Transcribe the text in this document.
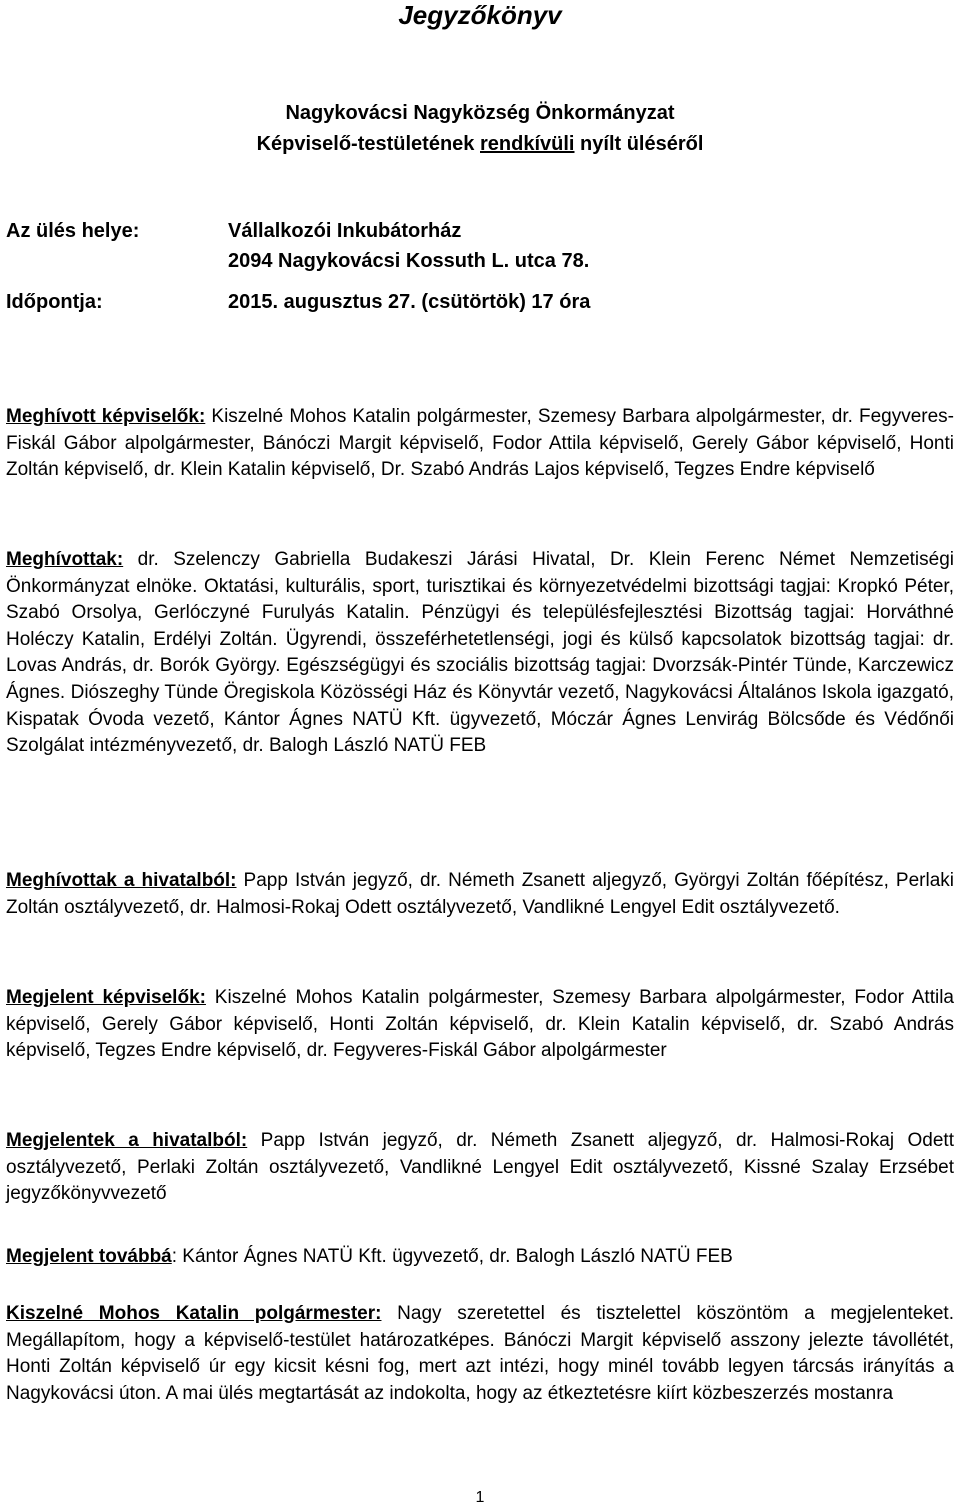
Jegyzőkönyv
Nagykovácsi Nagyközség Önkormányzat
Képviselő-testületének rendkívüli nyílt üléséről
Az ülés helye:	Vállalkozói Inkubátorház
2094 Nagykovácsi Kossuth L. utca 78.
Időpontja:	2015. augusztus 27. (csütörtök) 17 óra
Meghívott képviselők: Kiszelné Mohos Katalin polgármester, Szemesy Barbara alpolgármester, dr. Fegyveres-Fiskál Gábor alpolgármester, Bánóczi Margit képviselő, Fodor Attila képviselő, Gerely Gábor képviselő, Honti Zoltán képviselő, dr. Klein Katalin képviselő, Dr. Szabó András Lajos képviselő, Tegzes Endre képviselő
Meghívottak: dr. Szelenczy Gabriella Budakeszi Járási Hivatal, Dr. Klein Ferenc Német Nemzetiségi Önkormányzat elnöke. Oktatási, kulturális, sport, turisztikai és környezetvédelmi bizottsági tagjai: Kropkó Péter, Szabó Orsolya, Gerlóczyné Furulyás Katalin. Pénzügyi és településfejlesztési Bizottság tagjai: Horváthné Holéczy Katalin, Erdélyi Zoltán. Ügyrendi, összeférhetetlenségi, jogi és külső kapcsolatok bizottság tagjai: dr. Lovas András, dr. Borók György. Egészségügyi és szociális bizottság tagjai: Dvorzsák-Pintér Tünde, Karczewicz Ágnes. Diószeghy Tünde Öregiskola Közösségi Ház és Könyvtár vezető, Nagykovácsi Általános Iskola igazgató, Kispatak Óvoda vezető, Kántor Ágnes NATÜ Kft. ügyvezető, Móczár Ágnes Lenvirág Bölcsőde és Védőnői Szolgálat intézményvezető, dr. Balogh László NATÜ FEB
Meghívottak a hivatalból: Papp István jegyző, dr. Németh Zsanett aljegyző, Györgyi Zoltán főépítész, Perlaki Zoltán osztályvezető, dr. Halmosi-Rokaj Odett osztályvezető, Vandlikné Lengyel Edit osztályvezető.
Megjelent képviselők: Kiszelné Mohos Katalin polgármester, Szemesy Barbara alpolgármester, Fodor Attila képviselő, Gerely Gábor képviselő, Honti Zoltán képviselő, dr. Klein Katalin képviselő, dr. Szabó András képviselő, Tegzes Endre képviselő, dr. Fegyveres-Fiskál Gábor alpolgármester
Megjelentek a hivatalból: Papp István jegyző, dr. Németh Zsanett aljegyző, dr. Halmosi-Rokaj Odett osztályvezető, Perlaki Zoltán osztályvezető, Vandlikné Lengyel Edit osztályvezető, Kissné Szalay Erzsébet jegyzőkönyvvezető
Megjelent továbbá: Kántor Ágnes NATÜ Kft. ügyvezető, dr. Balogh László NATÜ FEB
Kiszelné Mohos Katalin polgármester: Nagy szeretettel és tisztelettel köszöntöm a megjelenteket. Megállapítom, hogy a képviselő-testület határozatképes. Bánóczi Margit képviselő asszony jelezte távollétét, Honti Zoltán képviselő úr egy kicsit késni fog, mert azt intézi, hogy minél tovább legyen tárcsás irányítás a Nagykovácsi úton. A mai ülés megtartását az indokolta, hogy az étkeztetésre kiírt közbeszerzés mostanra
1
